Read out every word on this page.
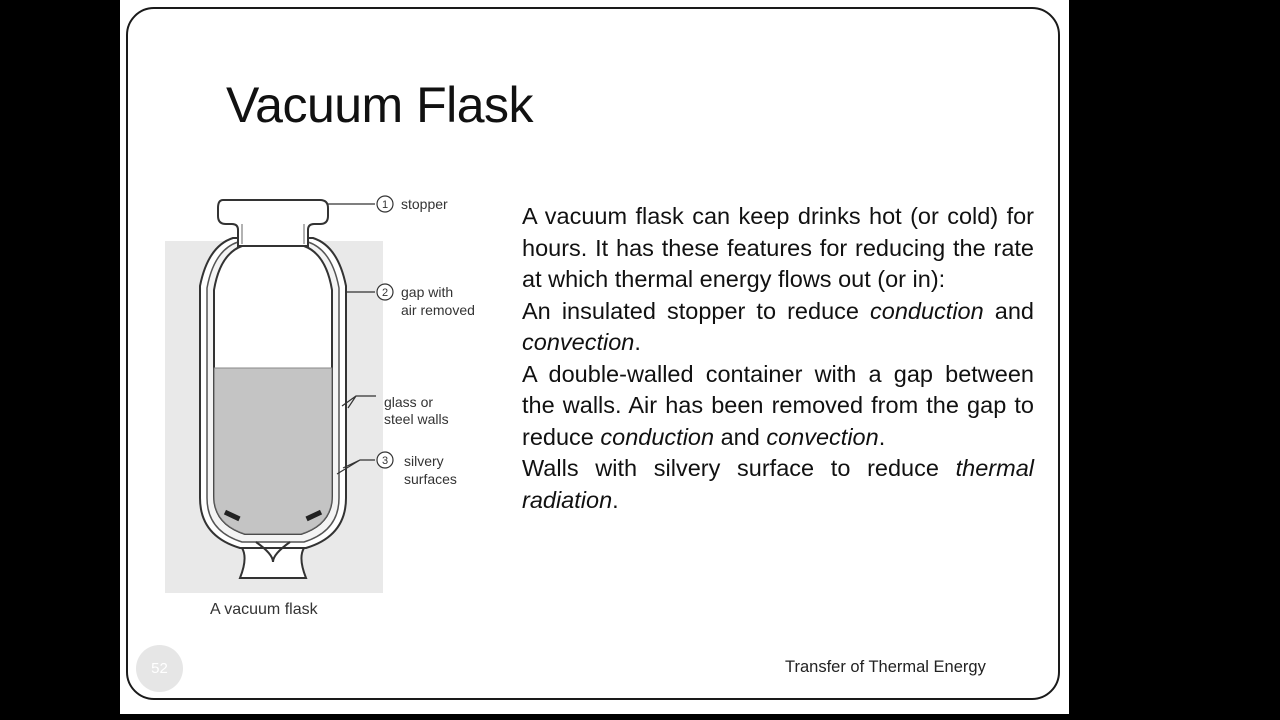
Vacuum Flask
1
2
3
stopper
gap with
air removed
glass or
steel walls
silvery
surfaces
A vacuum flask

A vacuum flask can keep drinks hot (or cold) for hours. It has these features for reducing the rate at which thermal energy flows out (or in):

An insulated stopper to reduce conduction and convection.

A double-walled container with a gap between the walls. Air has been removed from the gap to reduce conduction and convection.

Walls with silvery surface to reduce thermal radiation.

52	Transfer of Thermal Energy
